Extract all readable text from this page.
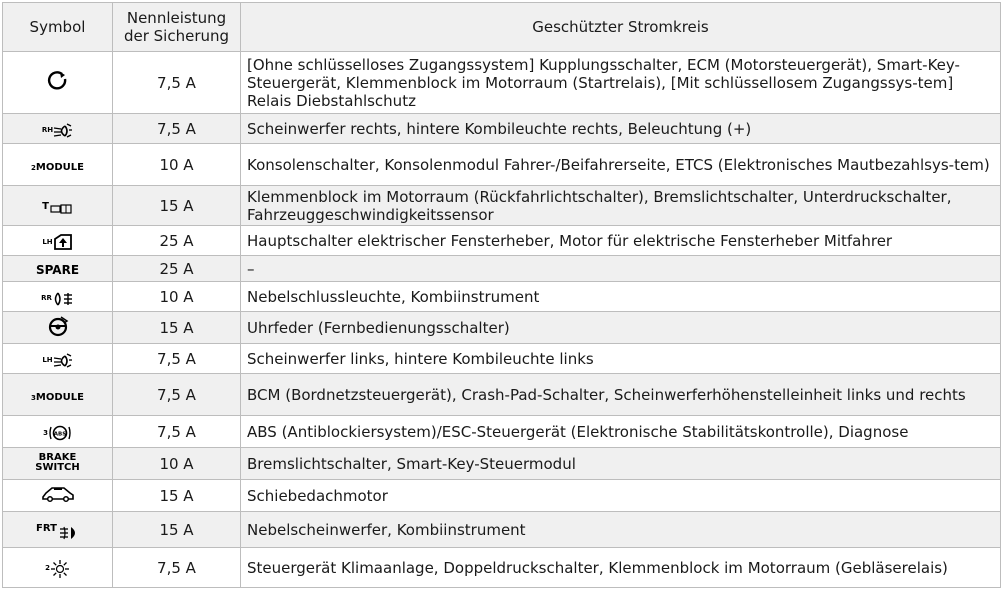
Symbol	Nennleistung der Sicherung	Geschützter Stromkreis
	7,5 A	[Ohne schlüsselloses Zugangssystem] Kupplungsschalter, ECM (Motorsteuergerät), Smart-Key-Steuergerät, Klemmenblock im Motorraum (Startrelais), [Mit schlüssellosem Zugangssys-tem] Relais Diebstahlschutz

RH	7,5 A	Scheinwerfer rechts, hintere Kombileuchte rechts, Beleuchtung (+)

2 MODULE	10 A	Konsolenschalter, Konsolenmodul Fahrer-/Beifahrerseite, ETCS (Elektronisches Mautbezahlsys-tem)

T	15 A	Klemmenblock im Motorraum (Rückfahrlichtschalter), Bremslichtschalter, Unterdruckschalter, Fahrzeuggeschwindigkeitssensor

LH	25 A	Hauptschalter elektrischer Fensterheber, Motor für elektrische Fensterheber Mitfahrer
SPARE	25 A	–

RR	10 A	Nebelschlussleuchte, Kombiinstrument
	15 A	Uhrfeder (Fernbedienungsschalter)

LH	7,5 A	Scheinwerfer links, hintere Kombileuchte links

3 MODULE	7,5 A	BCM (Bordnetzsteuergerät), Crash-Pad-Schalter, Scheinwerferhöhenstelleinheit links und rechts

3 ABS	7,5 A	ABS (Antiblockiersystem)/ESC-Steuergerät (Elektronische Stabilitätskontrolle), Diagnose

BRAKE
SWITCH	10 A	Bremslichtschalter, Smart-Key-Steuermodul
	15 A	Schiebedachmotor

FRT	15 A	Nebelscheinwerfer, Kombiinstrument

2	7,5 A	Steuergerät Klimaanlage, Doppeldruckschalter, Klemmenblock im Motorraum (Gebläserelais)
